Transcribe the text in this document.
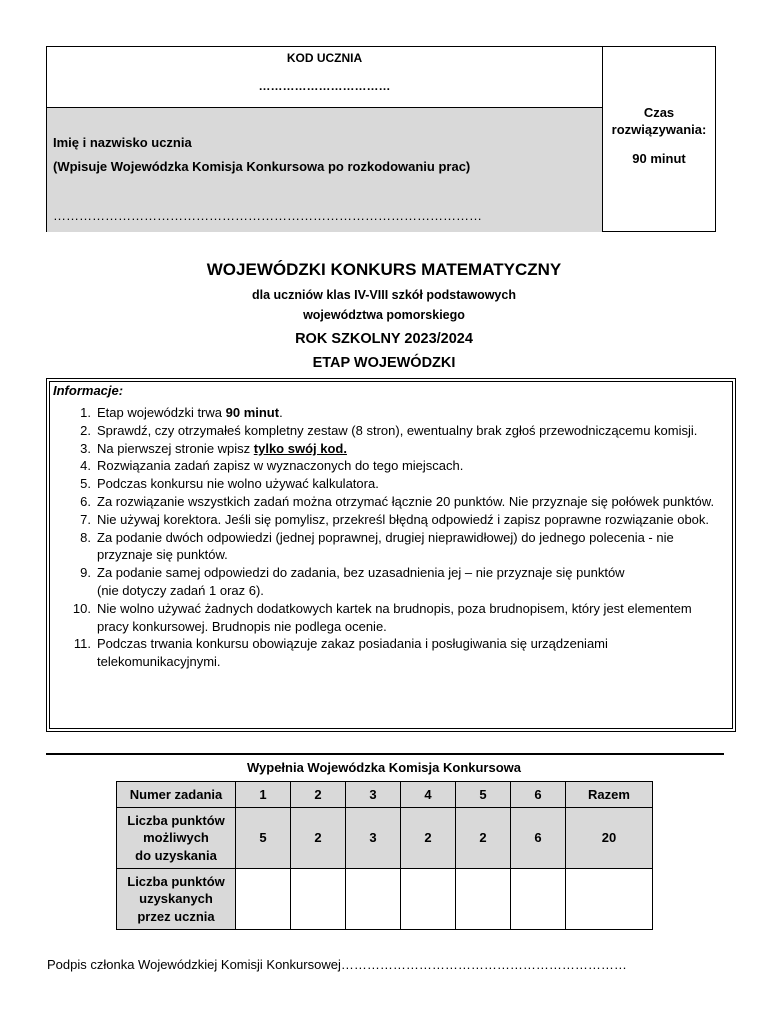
KOD UCZNIA
……………………………
Imię i nazwisko ucznia
(Wpisuje Wojewódzka Komisja Konkursowa po rozkodowaniu prac)
………………………………………………………………………………………
Czas
rozwiązywania:
90 minut
WOJEWÓDZKI KONKURS MATEMATYCZNY
dla uczniów klas IV-VIII szkół podstawowych
województwa pomorskiego
ROK SZKOLNY 2023/2024
ETAP WOJEWÓDZKI
Informacje:
1. Etap wojewódzki trwa 90 minut.
2. Sprawdź, czy otrzymałeś kompletny zestaw (8 stron), ewentualny brak zgłoś przewodniczącemu komisji.
3. Na pierwszej stronie wpisz tylko swój kod.
4. Rozwiązania zadań zapisz w wyznaczonych do tego miejscach.
5. Podczas konkursu nie wolno używać kalkulatora.
6. Za rozwiązanie wszystkich zadań można otrzymać łącznie 20 punktów. Nie przyznaje się połówek punktów.
7. Nie używaj korektora. Jeśli się pomylisz, przekreśl błędną odpowiedź i zapisz poprawne rozwiązanie obok.
8. Za podanie dwóch odpowiedzi (jednej poprawnej, drugiej nieprawidłowej) do jednego polecenia - nie przyznaje się punktów.
9. Za podanie samej odpowiedzi do zadania, bez uzasadnienia jej – nie przyznaje się punktów
(nie dotyczy zadań 1 oraz 6).
10. Nie wolno używać żadnych dodatkowych kartek na brudnopis, poza brudnopisem, który jest elementem pracy konkursowej. Brudnopis nie podlega ocenie.
11. Podczas trwania konkursu obowiązuje zakaz posiadania i posługiwania się urządzeniami telekomunikacyjnymi.
Wypełnia Wojewódzka Komisja Konkursowa
Numer zadania	1	2	3	4	5	6	Razem

Liczba punktów
możliwych
do uzyskania	5	2	3	2	2	6	20

Liczba punktów
uzyskanych
przez ucznia							

Podpis członka Wojewódzkiej Komisji Konkursowej…………………………………………………………
